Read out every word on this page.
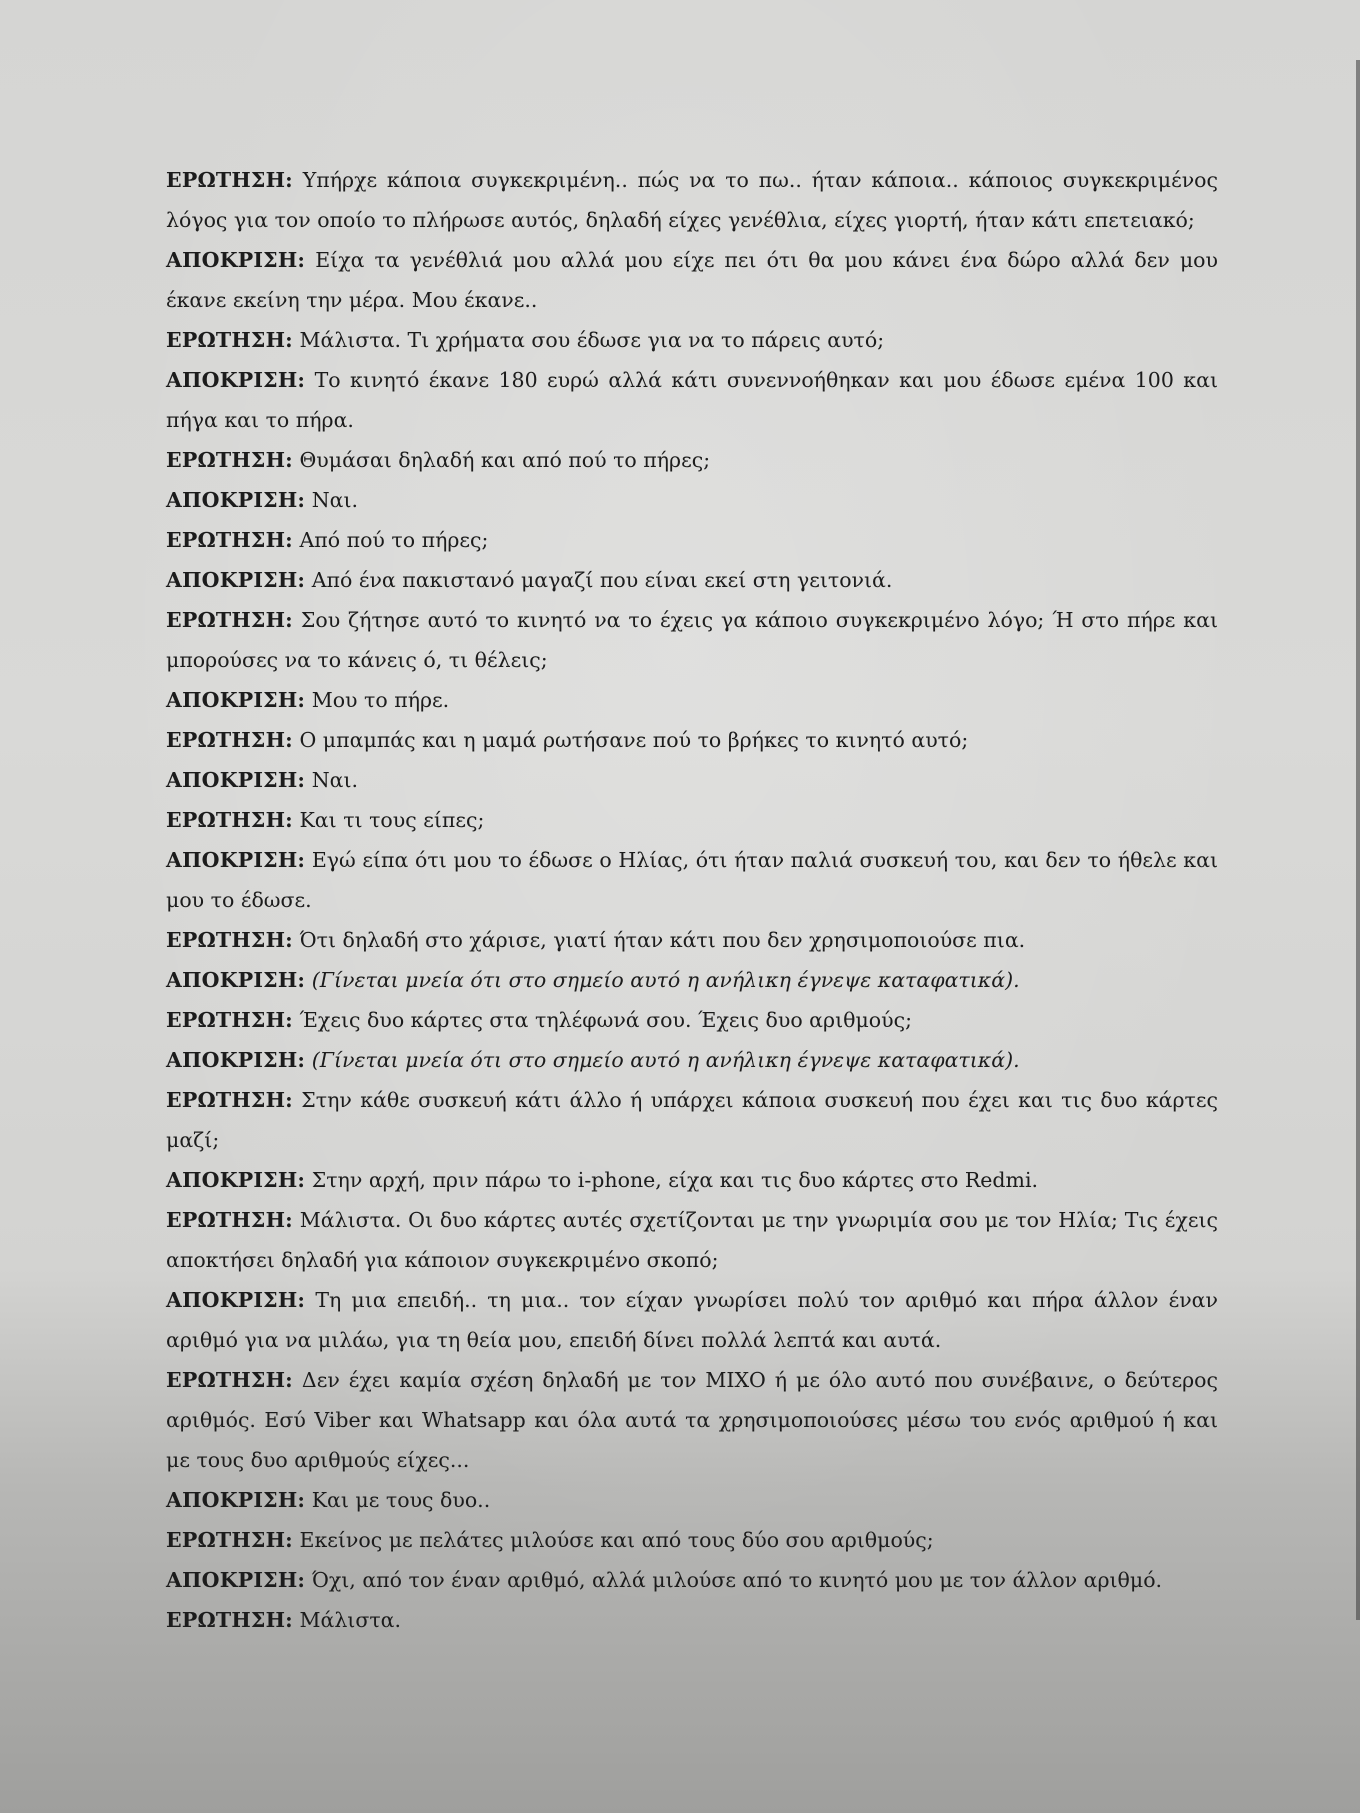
ΕΡΩΤΗΣΗ: Υπήρχε κάποια συγκεκριμένη.. πώς να το πω.. ήταν κάποια.. κάποιος συγκεκριμένος λόγος για τον οποίο το πλήρωσε αυτός, δηλαδή είχες γενέθλια, είχες γιορτή, ήταν κάτι επετειακό;

ΑΠΟΚΡΙΣΗ: Είχα τα γενέθλιά μου αλλά μου είχε πει ότι θα μου κάνει ένα δώρο αλλά δεν μου έκανε εκείνη την μέρα. Μου έκανε..

ΕΡΩΤΗΣΗ: Μάλιστα. Τι χρήματα σου έδωσε για να το πάρεις αυτό;

ΑΠΟΚΡΙΣΗ: Το κινητό έκανε 180 ευρώ αλλά κάτι συνεννοήθηκαν και μου έδωσε εμένα 100 και πήγα και το πήρα.

ΕΡΩΤΗΣΗ: Θυμάσαι δηλαδή και από πού το πήρες;

ΑΠΟΚΡΙΣΗ: Ναι.

ΕΡΩΤΗΣΗ: Από πού το πήρες;

ΑΠΟΚΡΙΣΗ: Από ένα πακιστανό μαγαζί που είναι εκεί στη γειτονιά.

ΕΡΩΤΗΣΗ: Σου ζήτησε αυτό το κινητό να το έχεις γα κάποιο συγκεκριμένο λόγο; Ή στο πήρε και μπορούσες να το κάνεις ό, τι θέλεις;

ΑΠΟΚΡΙΣΗ: Μου το πήρε.

ΕΡΩΤΗΣΗ: Ο μπαμπάς και η μαμά ρωτήσανε πού το βρήκες το κινητό αυτό;

ΑΠΟΚΡΙΣΗ: Ναι.

ΕΡΩΤΗΣΗ: Και τι τους είπες;

ΑΠΟΚΡΙΣΗ: Εγώ είπα ότι μου το έδωσε ο Ηλίας, ότι ήταν παλιά συσκευή του, και δεν το ήθελε και μου το έδωσε.

ΕΡΩΤΗΣΗ: Ότι δηλαδή στο χάρισε, γιατί ήταν κάτι που δεν χρησιμοποιούσε πια.

ΑΠΟΚΡΙΣΗ: (Γίνεται μνεία ότι στο σημείο αυτό η ανήλικη έγνεψε καταφατικά).

ΕΡΩΤΗΣΗ: Έχεις δυο κάρτες στα τηλέφωνά σου. Έχεις δυο αριθμούς;

ΑΠΟΚΡΙΣΗ: (Γίνεται μνεία ότι στο σημείο αυτό η ανήλικη έγνεψε καταφατικά).

ΕΡΩΤΗΣΗ: Στην κάθε συσκευή κάτι άλλο ή υπάρχει κάποια συσκευή που έχει και τις δυο κάρτες μαζί;

ΑΠΟΚΡΙΣΗ: Στην αρχή, πριν πάρω το i-phone, είχα και τις δυο κάρτες στο Redmi.

ΕΡΩΤΗΣΗ: Μάλιστα. Οι δυο κάρτες αυτές σχετίζονται με την γνωριμία σου με τον Ηλία; Τις έχεις αποκτήσει δηλαδή για κάποιον συγκεκριμένο σκοπό;

ΑΠΟΚΡΙΣΗ: Τη μια επειδή.. τη μια.. τον είχαν γνωρίσει πολύ τον αριθμό και πήρα άλλον έναν αριθμό για να μιλάω, για τη θεία μου, επειδή δίνει πολλά λεπτά και αυτά.

ΕΡΩΤΗΣΗ: Δεν έχει καμία σχέση δηλαδή με τον ΜΙΧΟ ή με όλο αυτό που συνέβαινε, ο δεύτερος αριθμός. Εσύ Viber και Whatsapp και όλα αυτά τα χρησιμοποιούσες μέσω του ενός αριθμού ή και με τους δυο αριθμούς είχες...

ΑΠΟΚΡΙΣΗ: Και με τους δυο..

ΕΡΩΤΗΣΗ: Εκείνος με πελάτες μιλούσε και από τους δύο σου αριθμούς;

ΑΠΟΚΡΙΣΗ: Όχι, από τον έναν αριθμό, αλλά μιλούσε από το κινητό μου με τον άλλον αριθμό.

ΕΡΩΤΗΣΗ: Μάλιστα.
